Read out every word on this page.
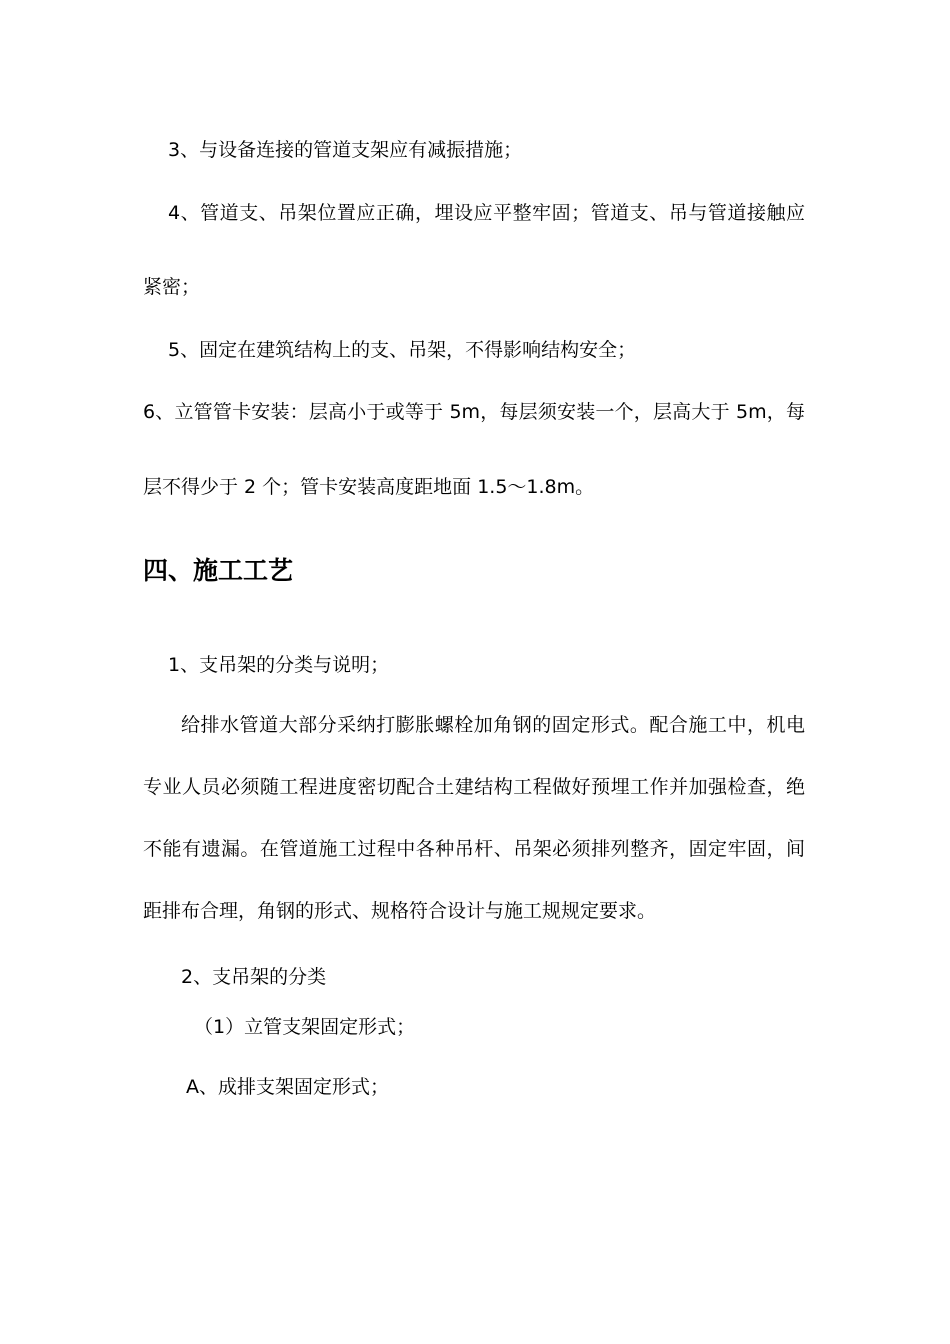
3、与设备连接的管道支架应有减振措施；

4、管道支、吊架位置应正确，埋设应平整牢固；管道支、吊与管道接触应

紧密；

5、固定在建筑结构上的支、吊架，不得影响结构安全；

6、立管管卡安装：层高小于或等于 5m，每层须安装一个，层高大于 5m，每

层不得少于 2 个；管卡安装高度距地面 1.5～1.8m。

四、施工工艺

1、支吊架的分类与说明；

给排水管道大部分采纳打膨胀螺栓加角钢的固定形式。配合施工中，机电

专业人员必须随工程进度密切配合土建结构工程做好预埋工作并加强检查，绝

不能有遗漏。在管道施工过程中各种吊杆、吊架必须排列整齐，固定牢固，间

距排布合理，角钢的形式、规格符合设计与施工规规定要求。

2、支吊架的分类

（1）立管支架固定形式；

A、成排支架固定形式；
